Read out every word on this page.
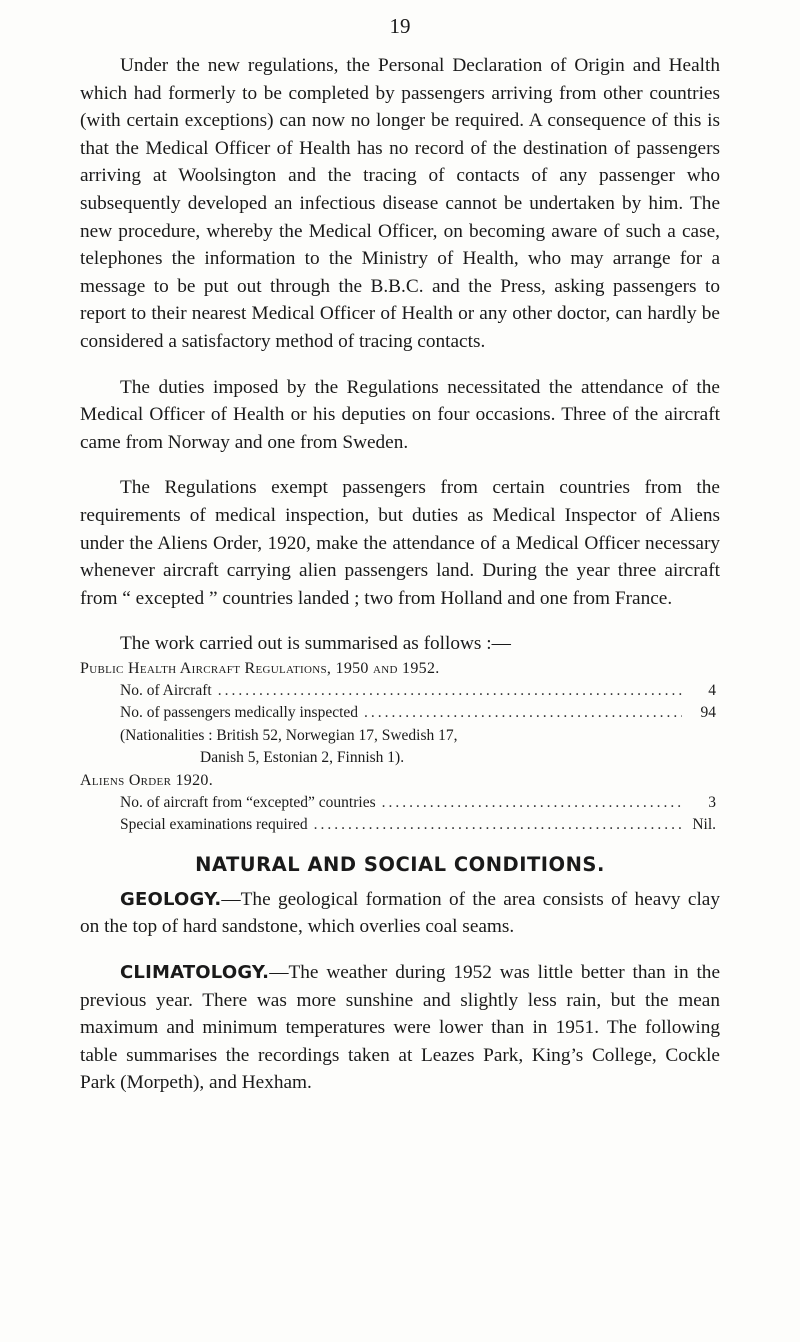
19

Under the new regulations, the Personal Declaration of Origin and Health which had formerly to be completed by passengers arriving from other countries (with certain exceptions) can now no longer be required. A consequence of this is that the Medical Officer of Health has no record of the destination of passengers arriving at Woolsington and the tracing of contacts of any passenger who subsequently developed an infectious disease cannot be undertaken by him. The new procedure, whereby the Medical Officer, on becoming aware of such a case, telephones the information to the Ministry of Health, who may arrange for a message to be put out through the B.B.C. and the Press, asking passengers to report to their nearest Medical Officer of Health or any other doctor, can hardly be considered a satisfactory method of tracing contacts.

The duties imposed by the Regulations necessitated the attendance of the Medical Officer of Health or his deputies on four occasions. Three of the aircraft came from Norway and one from Sweden.

The Regulations exempt passengers from certain countries from the requirements of medical inspection, but duties as Medical Inspector of Aliens under the Aliens Order, 1920, make the attendance of a Medical Officer necessary whenever aircraft carrying alien passengers land. During the year three aircraft from “ excepted ” countries landed ; two from Holland and one from France.

The work carried out is summarised as follows :—

Public Health Aircraft Regulations, 1950 and 1952.

No. of Aircraft .....	4
No. of passengers medically inspected .....	94

(Nationalities : British 52, Norwegian 17, Swedish 17,

Danish 5, Estonian 2, Finnish 1).

Aliens Order 1920.

No. of aircraft from “excepted” countries .....	3
Special examinations required .....	Nil.
NATURAL AND SOCIAL CONDITIONS.

GEOLOGY.—The geological formation of the area consists of heavy clay on the top of hard sandstone, which overlies coal seams.

CLIMATOLOGY.—The weather during 1952 was little better than in the previous year. There was more sunshine and slightly less rain, but the mean maximum and minimum temperatures were lower than in 1951. The following table summarises the recordings taken at Leazes Park, King’s College, Cockle Park (Morpeth), and Hexham.
